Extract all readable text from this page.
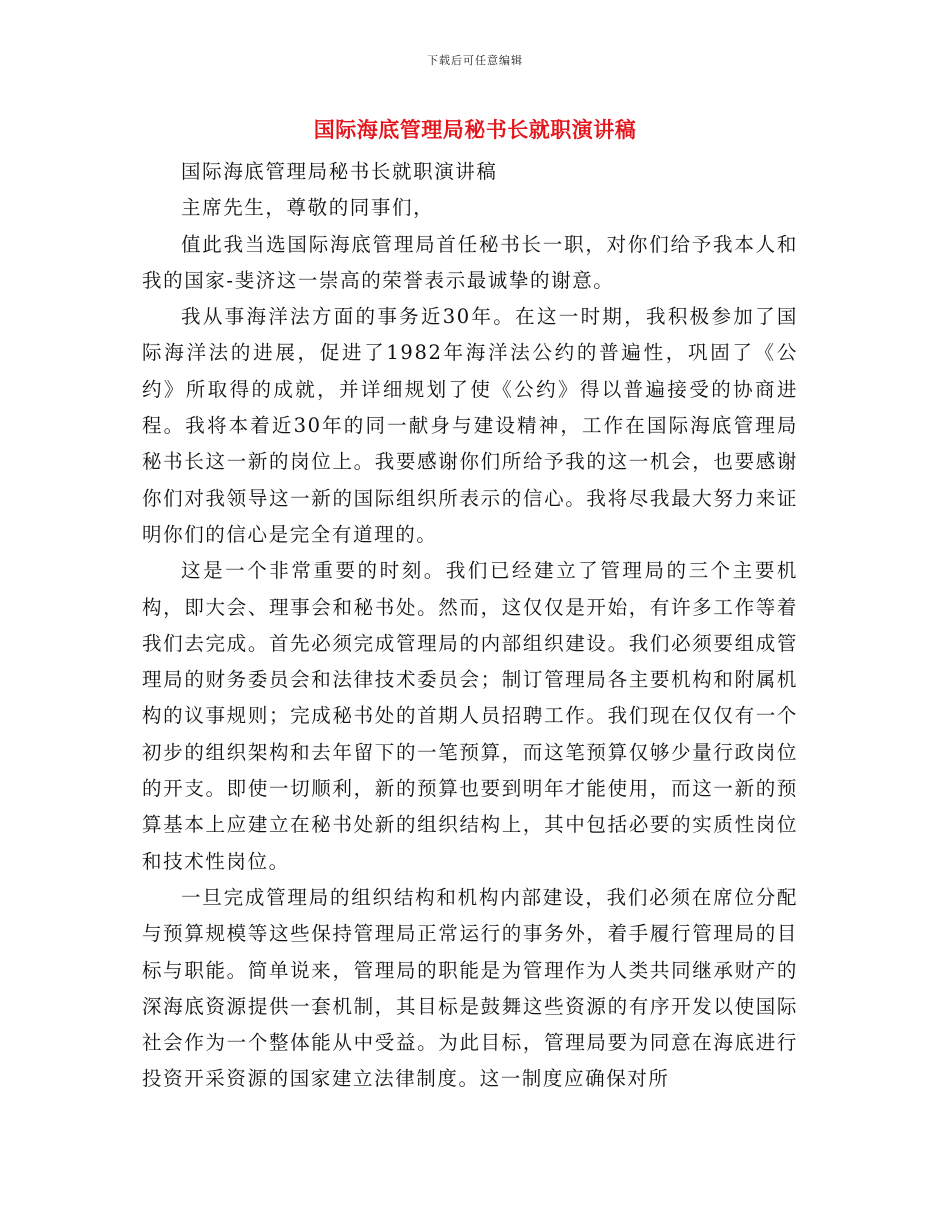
下载后可任意编辑
国际海底管理局秘书长就职演讲稿

国际海底管理局秘书长就职演讲稿

主席先生，尊敬的同事们，

值此我当选国际海底管理局首任秘书长一职，对你们给予我本人和我的国家-斐济这一崇高的荣誉表示最诚挚的谢意。

我从事海洋法方面的事务近30年。在这一时期，我积极参加了国际海洋法的进展，促进了1982年海洋法公约的普遍性，巩固了《公约》所取得的成就，并详细规划了使《公约》得以普遍接受的协商进程。我将本着近30年的同一献身与建设精神，工作在国际海底管理局秘书长这一新的岗位上。我要感谢你们所给予我的这一机会，也要感谢你们对我领导这一新的国际组织所表示的信心。我将尽我最大努力来证明你们的信心是完全有道理的。

这是一个非常重要的时刻。我们已经建立了管理局的三个主要机构，即大会、理事会和秘书处。然而，这仅仅是开始，有许多工作等着我们去完成。首先必须完成管理局的内部组织建设。我们必须要组成管理局的财务委员会和法律技术委员会；制订管理局各主要机构和附属机构的议事规则；完成秘书处的首期人员招聘工作。我们现在仅仅有一个初步的组织架构和去年留下的一笔预算，而这笔预算仅够少量行政岗位的开支。即使一切顺利，新的预算也要到明年才能使用，而这一新的预算基本上应建立在秘书处新的组织结构上，其中包括必要的实质性岗位和技术性岗位。

一旦完成管理局的组织结构和机构内部建设，我们必须在席位分配与预算规模等这些保持管理局正常运行的事务外，着手履行管理局的目标与职能。简单说来，管理局的职能是为管理作为人类共同继承财产的深海底资源提供一套机制，其目标是鼓舞这些资源的有序开发以使国际社会作为一个整体能从中受益。为此目标，管理局要为同意在海底进行投资开采资源的国家建立法律制度。这一制度应确保对所
